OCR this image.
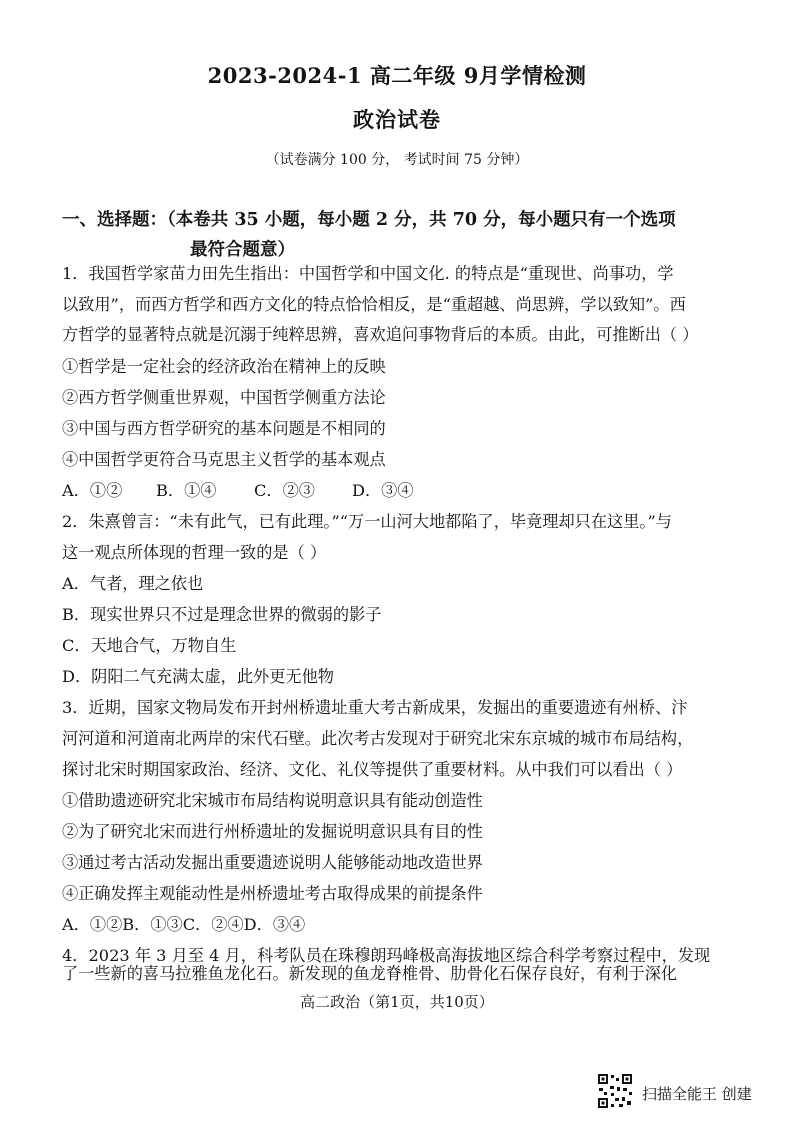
2023-2024-1 高二年级 9月学情检测
政治试卷
（试卷满分 100 分， 考试时间 75 分钟）
一、选择题：（本卷共 35 小题，每小题 2 分，共 70 分，每小题只有一个选项
最符合题意）
1．我国哲学家苗力田先生指出：中国哲学和中国文化. 的特点是“重现世、尚事功，学
以致用”，而西方哲学和西方文化的特点恰恰相反，是“重超越、尚思辨，学以致知”。西
方哲学的显著特点就是沉溺于纯粹思辨，喜欢追问事物背后的本质。由此，可推断出（ ）
①哲学是一定社会的经济政治在精神上的反映
②西方哲学侧重世界观，中国哲学侧重方法论
③中国与西方哲学研究的基本问题是不相同的
④中国哲学更符合马克思主义哲学的基本观点
A．①② B．①④ C．②③ D．③④
2．朱熹曾言：“未有此气，已有此理。”“万一山河大地都陷了，毕竟理却只在这里。”与
这一观点所体现的哲理一致的是（ ）
A．气者，理之依也
B．现实世界只不过是理念世界的微弱的影子
C．天地合气，万物自生
D．阴阳二气充满太虚，此外更无他物
3．近期，国家文物局发布开封州桥遗址重大考古新成果，发掘出的重要遗迹有州桥、汴
河河道和河道南北两岸的宋代石壁。此次考古发现对于研究北宋东京城的城市布局结构，
探讨北宋时期国家政治、经济、文化、礼仪等提供了重要材料。从中我们可以看出（ ）
①借助遗迹研究北宋城市布局结构说明意识具有能动创造性
②为了研究北宋而进行州桥遗址的发掘说明意识具有目的性
③通过考古活动发掘出重要遗迹说明人能够能动地改造世界
④正确发挥主观能动性是州桥遗址考古取得成果的前提条件
A．①②B．①③C．②④D．③④
4．2023 年 3 月至 4 月，科考队员在珠穆朗玛峰极高海拔地区综合科学考察过程中，发现
了一些新的喜马拉雅鱼龙化石。新发现的鱼龙脊椎骨、肋骨化石保存良好，有利于深化
高二政治（第1页，共10页）
扫描全能王 创建
